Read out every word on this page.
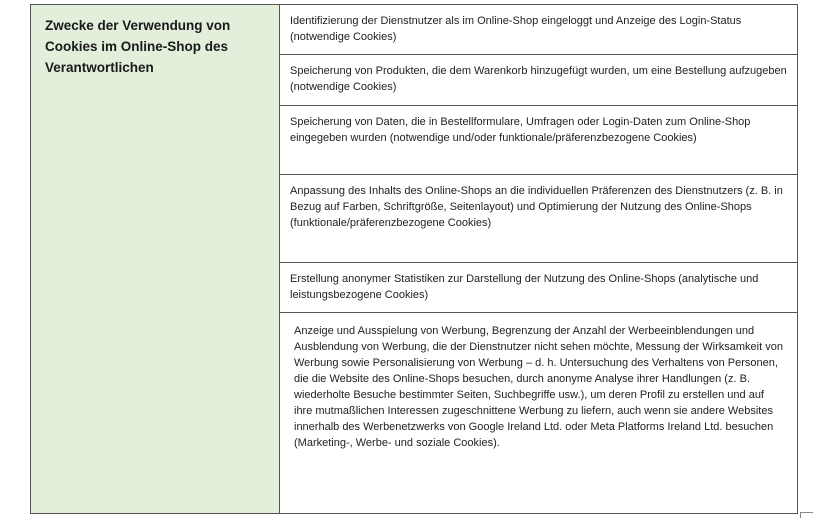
Zwecke der Verwendung von Cookies im Online-Shop des Verantwortlichen
Identifizierung der Dienstnutzer als im Online-Shop eingeloggt und Anzeige des Login-Status (notwendige Cookies)
Speicherung von Produkten, die dem Warenkorb hinzugefügt wurden, um eine Bestellung aufzugeben (notwendige Cookies)
Speicherung von Daten, die in Bestellformulare, Umfragen oder Login-Daten zum Online-Shop eingegeben wurden (notwendige und/oder funktionale/präferenzbezogene Cookies)
Anpassung des Inhalts des Online-Shops an die individuellen Präferenzen des Dienstnutzers (z. B. in Bezug auf Farben, Schriftgröße, Seitenlayout) und Optimierung der Nutzung des Online-Shops (funktionale/präferenzbezogene Cookies)
Erstellung anonymer Statistiken zur Darstellung der Nutzung des Online-Shops (analytische und leistungsbezogene Cookies)
Anzeige und Ausspielung von Werbung, Begrenzung der Anzahl der Werbeeinblendungen und Ausblendung von Werbung, die der Dienstnutzer nicht sehen möchte, Messung der Wirksamkeit von Werbung sowie Personalisierung von Werbung – d. h. Untersuchung des Verhaltens von Personen, die die Website des Online-Shops besuchen, durch anonyme Analyse ihrer Handlungen (z. B. wiederholte Besuche bestimmter Seiten, Suchbegriffe usw.), um deren Profil zu erstellen und auf ihre mutmaßlichen Interessen zugeschnittene Werbung zu liefern, auch wenn sie andere Websites innerhalb des Werbenetzwerks von Google Ireland Ltd. oder Meta Platforms Ireland Ltd. besuchen (Marketing-, Werbe- und soziale Cookies).
